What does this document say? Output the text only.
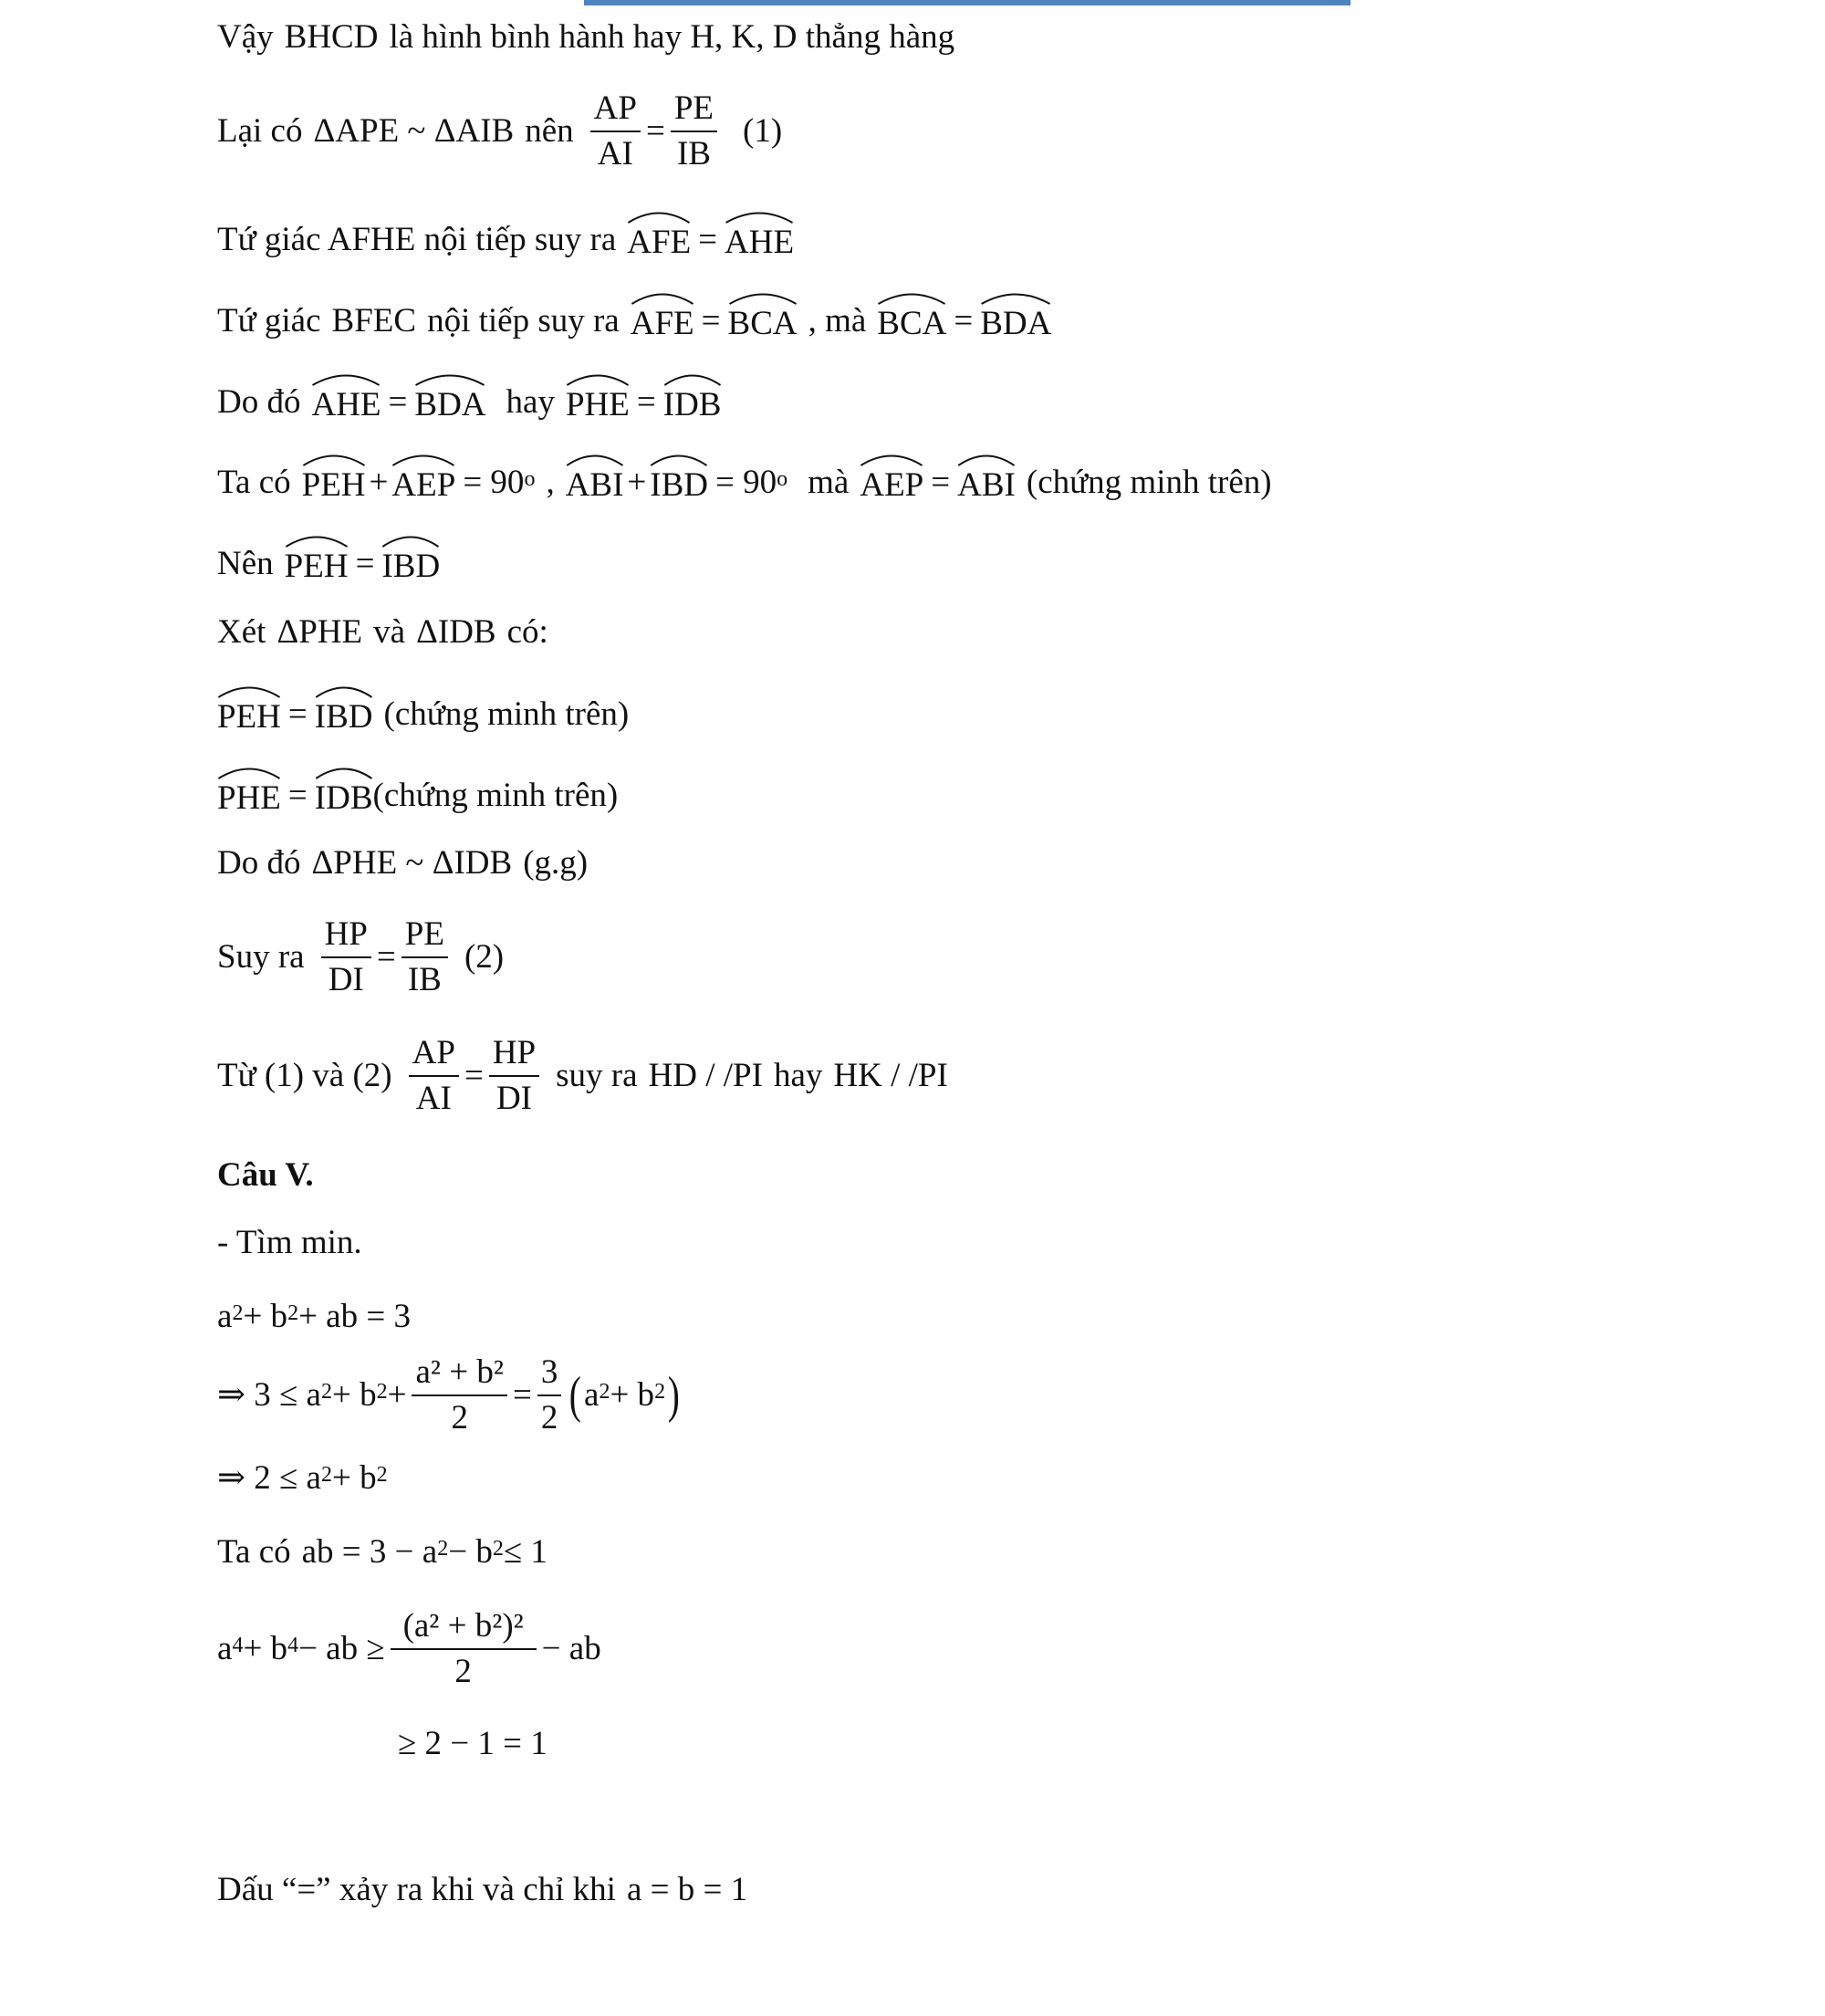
Vậy BHCD là hình bình hành hay H, K, D thẳng hàng
Lại có ΔAPE ~ ΔAIB nên $\frac{AP}{AI} = \frac{PE}{IB} (1)$
Tứ giác AFHE nội tiếp suy ra AFE = AHE
Tứ giác BFEC nội tiếp suy ra AFE = BCA , mà BCA = BDA
Do đó AHE = BDA hay PHE = IDB
Ta có PEH + AEP = $90^o$ , ABI + IBD = $90^o$ mà AEP = ABI (chứng minh trên)
Nên PEH = IBD
Xét ΔPHE và ΔIDB có:
PEH = IBD (chứng minh trên)
PHE = IDB (chứng minh trên)
Do đó ΔPHE ~ ΔIDB (g.g)
Suy ra $\frac{HP}{DI} = \frac{PE}{IB} (2)$
Từ (1) và $(2) \frac{AP}{AI} = \frac{HP}{DI}$ suy ra HD / /PI hay HK / /PI
Câu V.
- Tìm min.
$a^2 + b^2$ + ab = 3
⇒ $3 \le a^2 + b^2 + \frac{\text{a² + b²}}{2} = \frac{3}{2}$ ( $a^2 + b^2$ )
⇒ $2 \le a^2 + b^2$
Ta có ab = $3 - a^2 - b^2 \le 1$
$a^4 + b^4$ − ab ≥ $\frac{\text{(a² + b²)²}}{2}$ − ab
≥ 2 − 1 = 1
Dấu “=” xảy ra khi và chỉ khi a = b = 1
